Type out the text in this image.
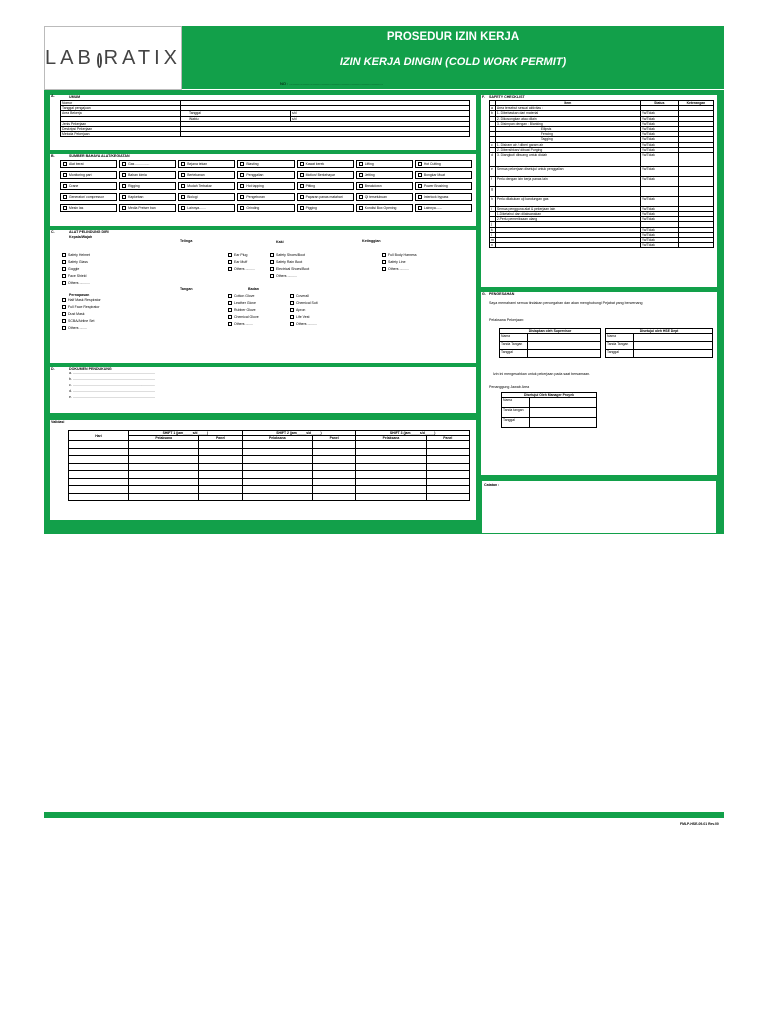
LAB RATIX
PROSEDUR IZIN KERJA
IZIN KERJA DINGIN (COLD WORK PERMIT)
NO : ....................................................................................
A.	UMUM
Nomor		
Tanggal pengajuan		
Area Bekerja	Tanggal	s/d
	Waktu	s/d
Jenis Pekerjaan		
Deskripsi Pekerjaan		
Metoda Pekerjaan		
B.	SUMBER BAHAYA ALAT/KEGIATAN
Alat berat	Gas ...............	Bejana tekan	Blasting	Kawat kerek	Lifting	Hot Cutting
Monitoring part	Bahan kimia	Bertekanan	Penggalian	Motion/ Berkehayar	Jetting	Bongkar Muat
Crane	Rigging	Mudah Terbakar	Hot tapping	Pitting	Breakdown	Power Brushing
Generator/ compressor	Kapkeban	Biologi	Pengeboran	Paparan panas matahari	QI terselubuan	Interlock bypass
Mesin las	Media Preiser ban	Lainnya.......	Grinding	Pigging	Kondisi Box Opening	Lainnya.......
C.	ALAT PELINDUNG DIRI
Kepala/Wajah
Safety Helmet
Safety Glass
Goggle
Face Shield
Others ...........
Telinga
Ear Plug
Ear Muff
Others ..........
Kaki
Safety Shoes/Boot
Safety Rain Boot
Electrical Shoes/Boot
Others ..........
Ketinggian
Full Body Harness
Safety Line
Others ..........
Pernapasan
Half Mask Respirator
Full Face Respirator
Dust Mask
SCBA/Airline Set
Others ........
Tangan
Cotton Glove
Leather Glove
Rubber Glove
Chemical Glove
Others ........
Badan
Coverall
Chemical Suit
Apron
Life Vest
Others ..........
D.	DOKUMEN PENDUKUNG
a. ..................................................................................
b. ..................................................................................
c. ..................................................................................
d. ..................................................................................
e. ..................................................................................
Validasi
Hari	SHIFT 1 (jam_____s/d_____)		SHIFT 2 (jam_____s/d_____)		SHIFT 3 (jam_____s/d_____)	
	Pelaksana	Panel	Pelaksana	Panel	Pelaksana	Panel

F. SAFETY CHECKLIST
	Item	Status	Keterangan
a	Area tersebut sesuai aktivitas :		
b	1. Dibebaskan dari material	Ya/Tidak	
	2. Dikosongkan atau dilain	Ya/Tidak	
	3. Disimpan dengan : Blanking	Ya/Tidak	
	Ellipsis	Ya/Tidak	
	Fencing	Ya/Tidak	
	Tagging	Ya/Tidak	
c	1. Disiram air / diberi garam air	Ya/Tidak	
	2. Dibersihkan/ dibuat Purging	Ya/Tidak	
d	3. Diangkut/ dibuang untuk diolah	Ya/Tidak	
e	Semua pekerjaan disetujui untuk penggalian	Ya/Tidak	
f	Perlu dengan izin kerja panas lain	Ya/Tidak	
g			
h	Perlu dilakukan uji kandungan gas	Ya/Tidak	
i	Semua pengguna alat & pekerjaan lain	Ya/Tidak	
	1.Diketahui dan dilaksanakan	Ya/Tidak	
	2.Perlu pemeriksaan ulang	Ya/Tidak	
j			
k		Ya/Tidak	
l		Ya/Tidak	
m		Ya/Tidak	
n		Ya/Tidak	
G. PENGESAHAN
Saya memahami semua tindakan pencegahan dan akan menghubungi Pejabat yang berwenang
Pelaksana Pekerjaan:
Disiapkan oleh Supervisor	
Nama	
Tanda Tangan	
Tanggal	
Disetujui oleh HSE Dept	
Nama	
Tanda Tangan	
Tanggal	
Izin ini mengesahkan untuk pekerjaan pada saat bersamaan.
Penanggung Jawab Area
Disetujui Oleh Manager Proyek	
Nama	
Tanda tangan	
Tanggal	
Catatan :
FMLP-HSE-09-01 Rev.00
